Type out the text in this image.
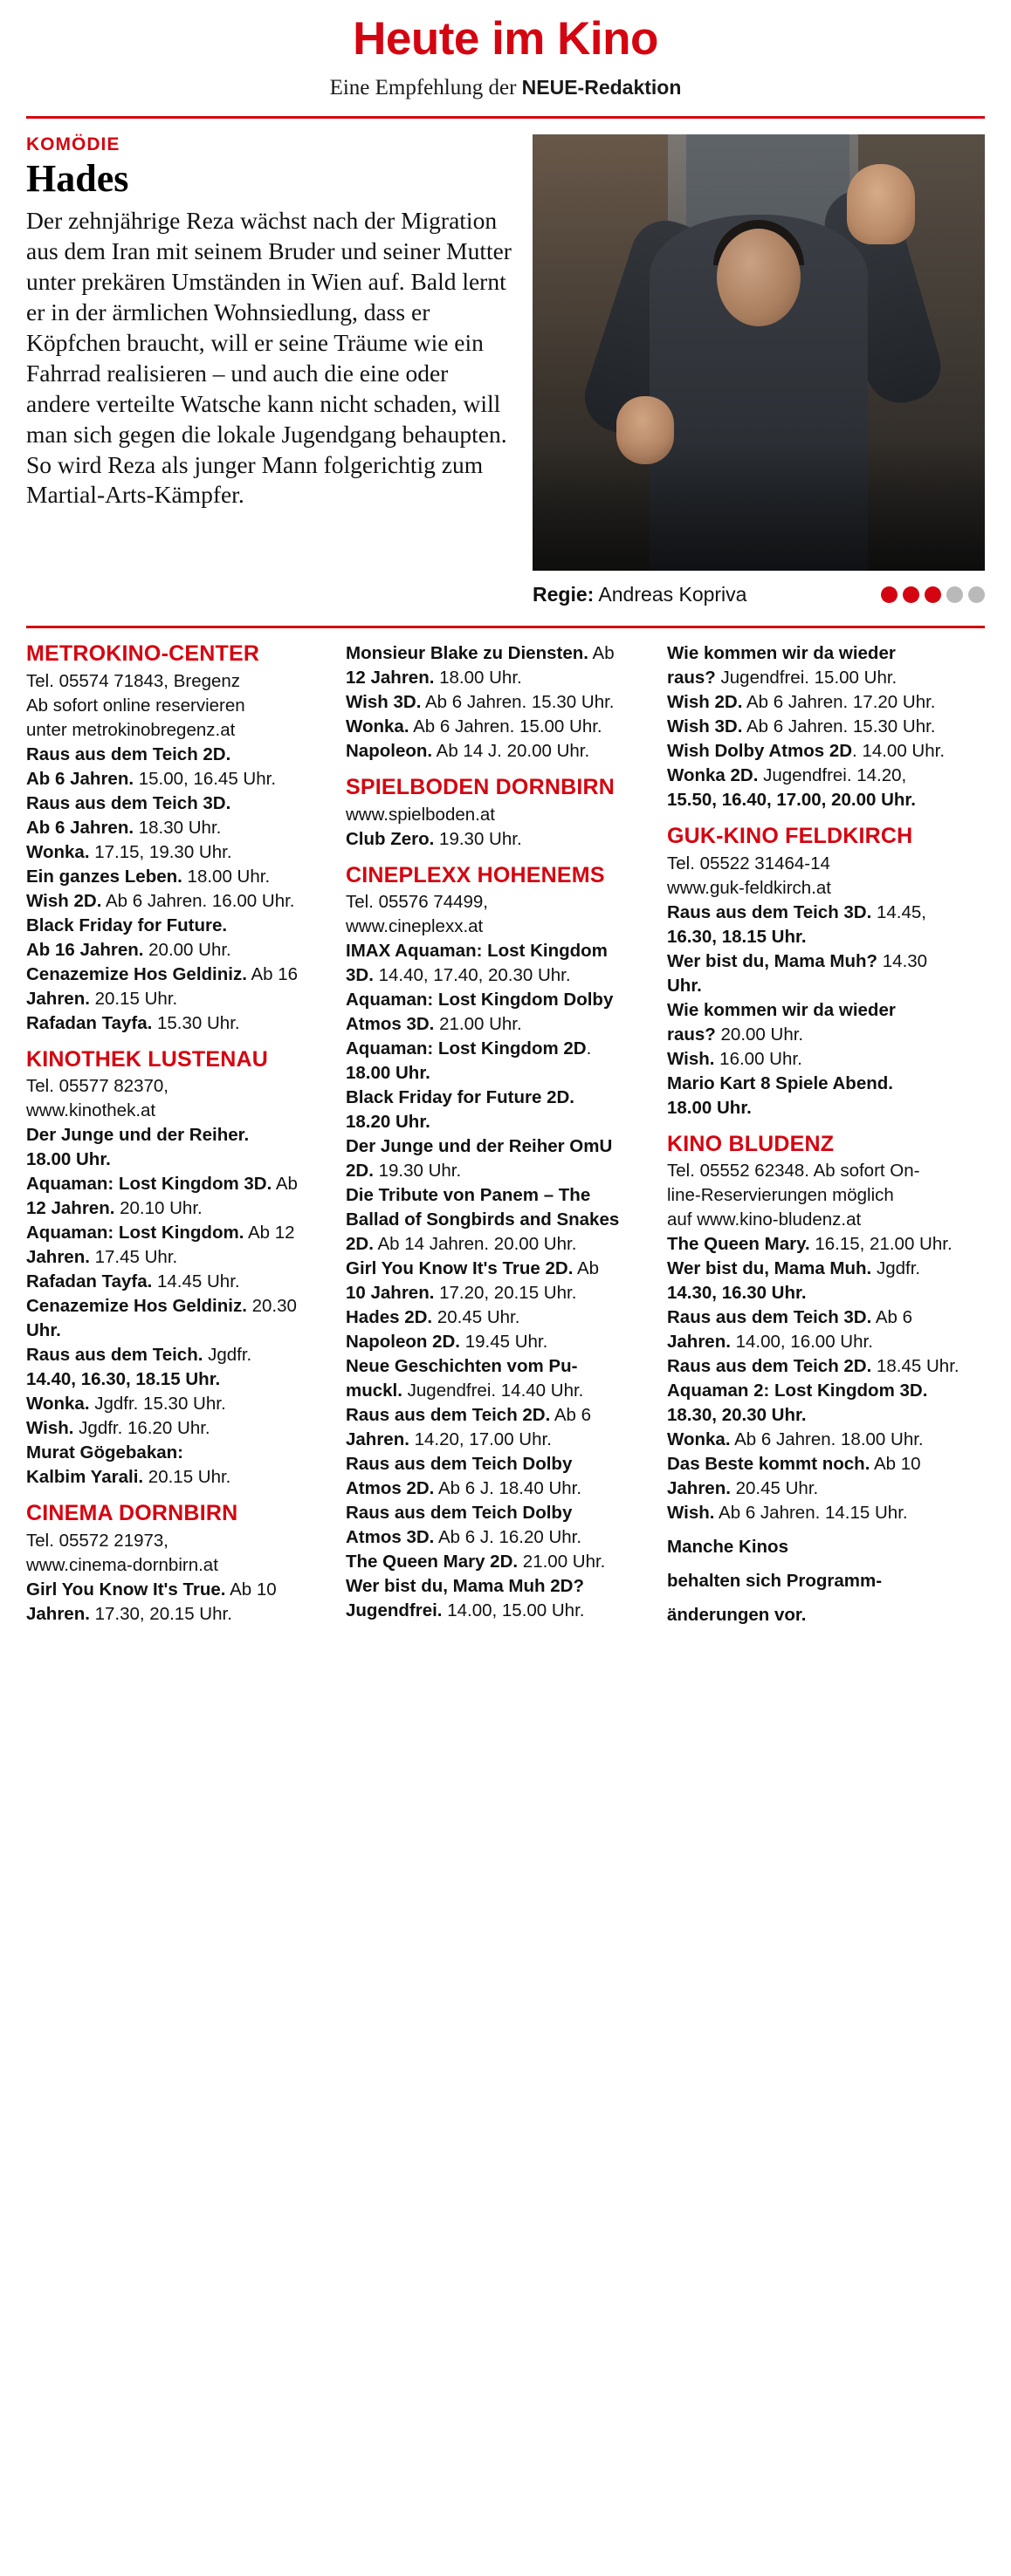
Heute im Kino
Eine Empfehlung der NEUE-Redaktion
KOMÖDIE
Hades
Der zehnjährige Reza wächst nach der Migration aus dem Iran mit seinem Bruder und seiner Mutter unter prekären Umständen in Wien auf. Bald lernt er in der ärmlichen Wohnsiedlung, dass er Köpfchen braucht, will er seine Träume wie ein Fahrrad realisieren – und auch die eine oder andere verteilte Watsche kann nicht schaden, will man sich gegen die lokale Jugendgang behaupten. So wird Reza als junger Mann folgerichtig zum Martial-Arts-Kämpfer.
Regie: Andreas Kopriva
METROKINO-CENTER
Tel. 05574 71843, Bregenz
Ab sofort online reservieren
unter metrokinobregenz.at
Raus aus dem Teich 2D.
Ab 6 Jahren. 15.00, 16.45 Uhr.
Raus aus dem Teich 3D.
Ab 6 Jahren. 18.30 Uhr.
Wonka. 17.15, 19.30 Uhr.
Ein ganzes Leben. 18.00 Uhr.
Wish 2D. Ab 6 Jahren. 16.00 Uhr.
Black Friday for Future.
Ab 16 Jahren. 20.00 Uhr.
Cenazemize Hos Geldiniz. Ab 16
Jahren. 20.15 Uhr.
Rafadan Tayfa. 15.30 Uhr.
KINOTHEK LUSTENAU
Tel. 05577 82370,
www.kinothek.at
Der Junge und der Reiher.
18.00 Uhr.
Aquaman: Lost Kingdom 3D. Ab
12 Jahren. 20.10 Uhr.
Aquaman: Lost Kingdom. Ab 12
Jahren. 17.45 Uhr.
Rafadan Tayfa. 14.45 Uhr.
Cenazemize Hos Geldiniz. 20.30
Uhr.
Raus aus dem Teich. Jgdfr.
14.40, 16.30, 18.15 Uhr.
Wonka. Jgdfr. 15.30 Uhr.
Wish. Jgdfr. 16.20 Uhr.
Murat Gögebakan:
Kalbim Yarali. 20.15 Uhr.
CINEMA DORNBIRN
Tel. 05572 21973,
www.cinema-dornbirn.at
Girl You Know It's True. Ab 10
Jahren. 17.30, 20.15 Uhr.
Monsieur Blake zu Diensten. Ab
12 Jahren. 18.00 Uhr.
Wish 3D. Ab 6 Jahren. 15.30 Uhr.
Wonka. Ab 6 Jahren. 15.00 Uhr.
Napoleon. Ab 14 J. 20.00 Uhr.
SPIELBODEN DORNBIRN
www.spielboden.at
Club Zero. 19.30 Uhr.
CINEPLEXX HOHENEMS
Tel. 05576 74499,
www.cineplexx.at
IMAX Aquaman: Lost Kingdom
3D. 14.40, 17.40, 20.30 Uhr.
Aquaman: Lost Kingdom Dolby
Atmos 3D. 21.00 Uhr.
Aquaman: Lost Kingdom 2D.
18.00 Uhr.
Black Friday for Future 2D.
18.20 Uhr.
Der Junge und der Reiher OmU
2D. 19.30 Uhr.
Die Tribute von Panem – The
Ballad of Songbirds and Snakes
2D. Ab 14 Jahren. 20.00 Uhr.
Girl You Know It's True 2D. Ab
10 Jahren. 17.20, 20.15 Uhr.
Hades 2D. 20.45 Uhr.
Napoleon 2D. 19.45 Uhr.
Neue Geschichten vom Pu-
muckl. Jugendfrei. 14.40 Uhr.
Raus aus dem Teich 2D. Ab 6
Jahren. 14.20, 17.00 Uhr.
Raus aus dem Teich Dolby
Atmos 2D. Ab 6 J. 18.40 Uhr.
Raus aus dem Teich Dolby
Atmos 3D. Ab 6 J. 16.20 Uhr.
The Queen Mary 2D. 21.00 Uhr.
Wer bist du, Mama Muh 2D?
Jugendfrei. 14.00, 15.00 Uhr.
Wie kommen wir da wieder
raus? Jugendfrei. 15.00 Uhr.
Wish 2D. Ab 6 Jahren. 17.20 Uhr.
Wish 3D. Ab 6 Jahren. 15.30 Uhr.
Wish Dolby Atmos 2D. 14.00 Uhr.
Wonka 2D. Jugendfrei. 14.20,
15.50, 16.40, 17.00, 20.00 Uhr.
GUK-KINO FELDKIRCH
Tel. 05522 31464-14
www.guk-feldkirch.at
Raus aus dem Teich 3D. 14.45,
16.30, 18.15 Uhr.
Wer bist du, Mama Muh? 14.30
Uhr.
Wie kommen wir da wieder
raus? 20.00 Uhr.
Wish. 16.00 Uhr.
Mario Kart 8 Spiele Abend.
18.00 Uhr.
KINO BLUDENZ
Tel. 05552 62348. Ab sofort On-
line-Reservierungen möglich
auf www.kino-bludenz.at
The Queen Mary. 16.15, 21.00 Uhr.
Wer bist du, Mama Muh. Jgdfr.
14.30, 16.30 Uhr.
Raus aus dem Teich 3D. Ab 6
Jahren. 14.00, 16.00 Uhr.
Raus aus dem Teich 2D. 18.45 Uhr.
Aquaman 2: Lost Kingdom 3D.
18.30, 20.30 Uhr.
Wonka. Ab 6 Jahren. 18.00 Uhr.
Das Beste kommt noch. Ab 10
Jahren. 20.45 Uhr.
Wish. Ab 6 Jahren. 14.15 Uhr.
Manche Kinos
behalten sich Programm-
änderungen vor.
